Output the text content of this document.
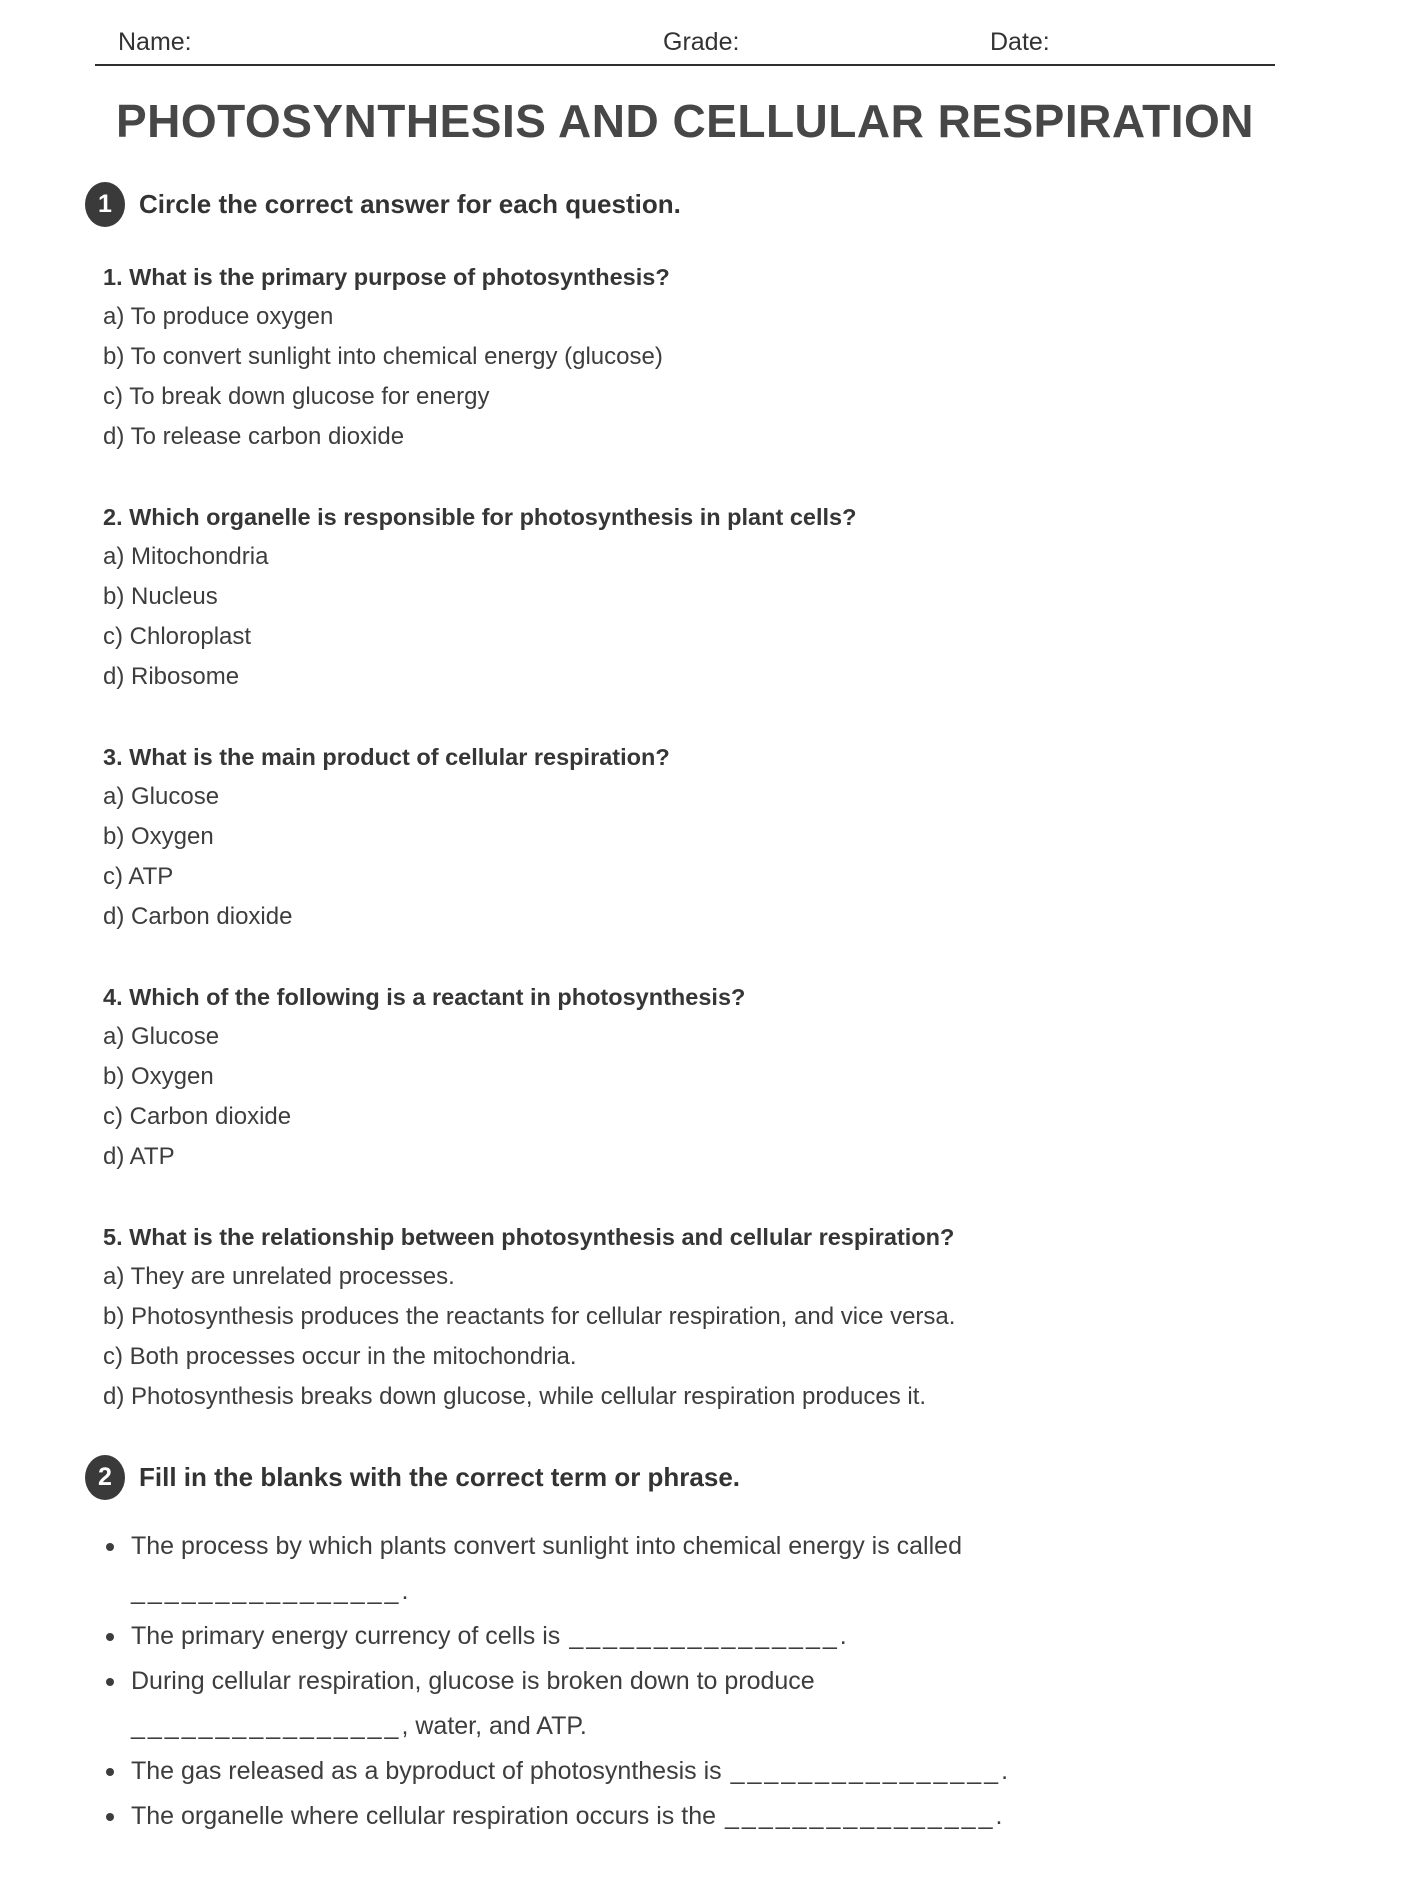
Name:	Grade:	Date:
PHOTOSYNTHESIS AND CELLULAR RESPIRATION
1	Circle the correct answer for each question.
1. What is the primary purpose of photosynthesis?
a) To produce oxygen
b) To convert sunlight into chemical energy (glucose)
c) To break down glucose for energy
d) To release carbon dioxide
2. Which organelle is responsible for photosynthesis in plant cells?
a) Mitochondria
b) Nucleus
c) Chloroplast
d) Ribosome
3. What is the main product of cellular respiration?
a) Glucose
b) Oxygen
c) ATP
d) Carbon dioxide
4. Which of the following is a reactant in photosynthesis?
a) Glucose
b) Oxygen
c) Carbon dioxide
d) ATP
5. What is the relationship between photosynthesis and cellular respiration?
a) They are unrelated processes.
b) Photosynthesis produces the reactants for cellular respiration, and vice versa.
c) Both processes occur in the mitochondria.
d) Photosynthesis breaks down glucose, while cellular respiration produces it.
2	Fill in the blanks with the correct term or phrase.
The process by which plants convert sunlight into chemical energy is called
________________.
The primary energy currency of cells is ________________.
During cellular respiration, glucose is broken down to produce
________________, water, and ATP.
The gas released as a byproduct of photosynthesis is ________________.
The organelle where cellular respiration occurs is the ________________.
